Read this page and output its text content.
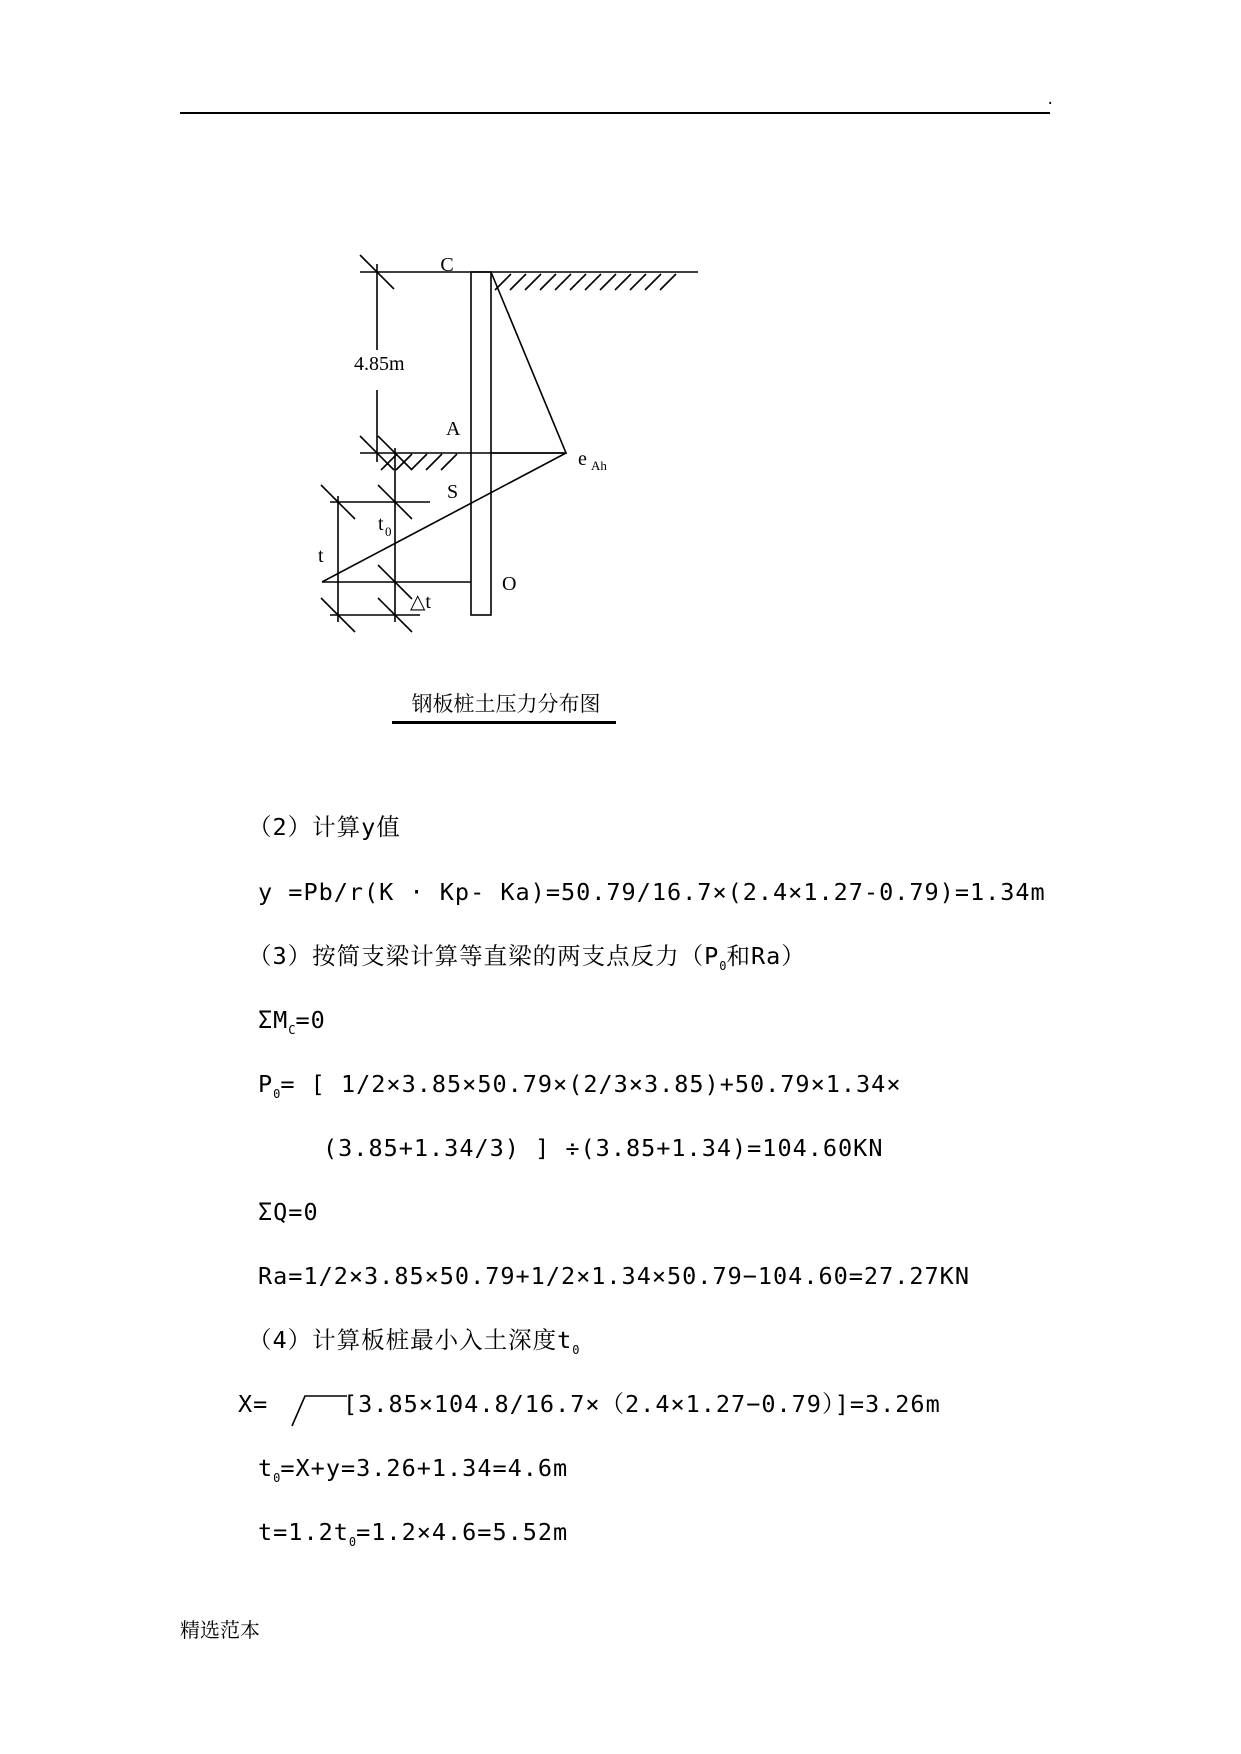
.
C
4.85m
A
e Ah
S
t 0
t
O
△t
钢板桩土压力分布图
（2）计算y值
y =Pb/r(K · Kp- Ka)=50.79/16.7×(2.4×1.27-0.79)=1.34m
（3）按简支梁计算等直梁的两支点反力（$P_0$和Ra）
$\Sigma M_C=0$
$P_0=$ [ 1/2×3.85×50.79×(2/3×3.85)+50.79×1.34×
(3.85+1.34/3) ] ÷(3.85+1.34)=104.60KN
ΣQ=0
Ra=1/2×3.85×50.79+1/2×1.34×50.79−104.60=27.27KN
（4）计算板桩最小入土深度$t_0$
X=	[3.85×104.8/16.7×（2.4×1.27−0.79）]=3.26m
$t_0=X+y=3.26+1.34=4.6m$
$t=1.2t_0=1.2\times 4.6=5.52m$
精选范本
